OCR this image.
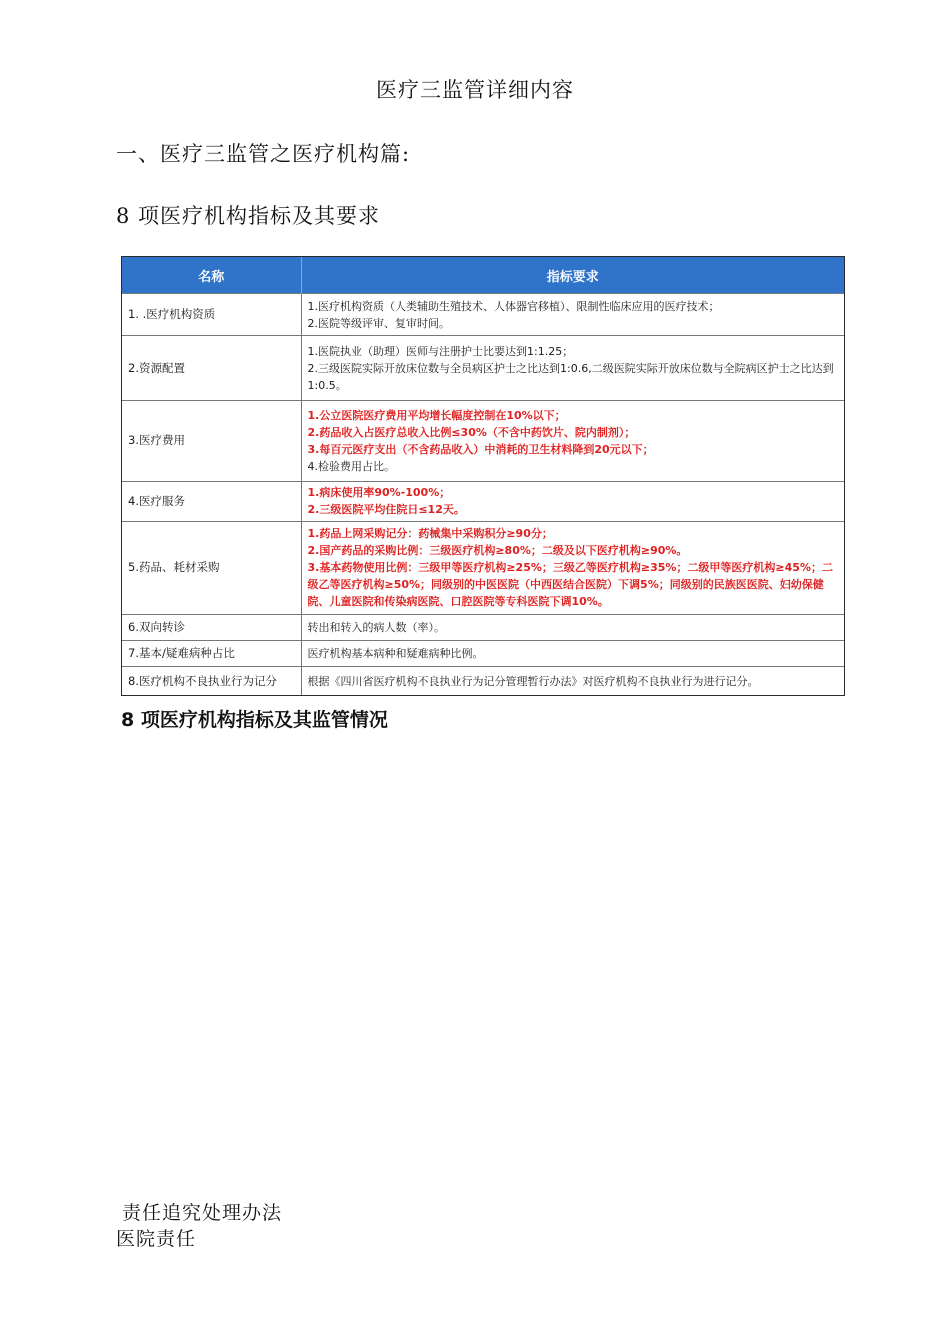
医疗三监管详细内容
一、医疗三监管之医疗机构篇:
8 项医疗机构指标及其要求
名称	指标要求
1. .医疗机构资质	1.医疗机构资质（人类辅助生殖技术、人体器官移植）、限制性临床应用的医疗技术；
2.医院等级评审、复审时间。

2.资源配置	1.医院执业（助理）医师与注册护士比要达到1:1.25；
2.三级医院实际开放床位数与全员病区护士之比达到1:0.6,二级医院实际开放床位数与全院病区护士之比达到1:0.5。

3.医疗费用	1.公立医院医疗费用平均增长幅度控制在10%以下；
2.药品收入占医疗总收入比例≤30%（不含中药饮片、院内制剂）；
3.每百元医疗支出（不含药品收入）中消耗的卫生材料降到20元以下；
4.检验费用占比。

4.医疗服务	1.病床使用率90%-100%；
2.三级医院平均住院日≤12天。

5.药品、耗材采购	1.药品上网采购记分：药械集中采购积分≥90分；
2.国产药品的采购比例：三级医疗机构≥80%；二级及以下医疗机构≥90%。
3.基本药物使用比例：三级甲等医疗机构≥25%；三级乙等医疗机构≥35%；二级甲等医疗机构≥45%；二级乙等医疗机构≥50%；同级别的中医医院（中西医结合医院）下调5%；同级别的民族医医院、妇幼保健院、儿童医院和传染病医院、口腔医院等专科医院下调10%。

6.双向转诊	转出和转入的病人数（率）。

7.基本/疑难病种占比	医疗机构基本病种和疑难病种比例。

8.医疗机构不良执业行为记分	根据《四川省医疗机构不良执业行为记分管理暂行办法》对医疗机构不良执业行为进行记分。
8 项医疗机构指标及其监管情况
责任追究处理办法
医院责任
